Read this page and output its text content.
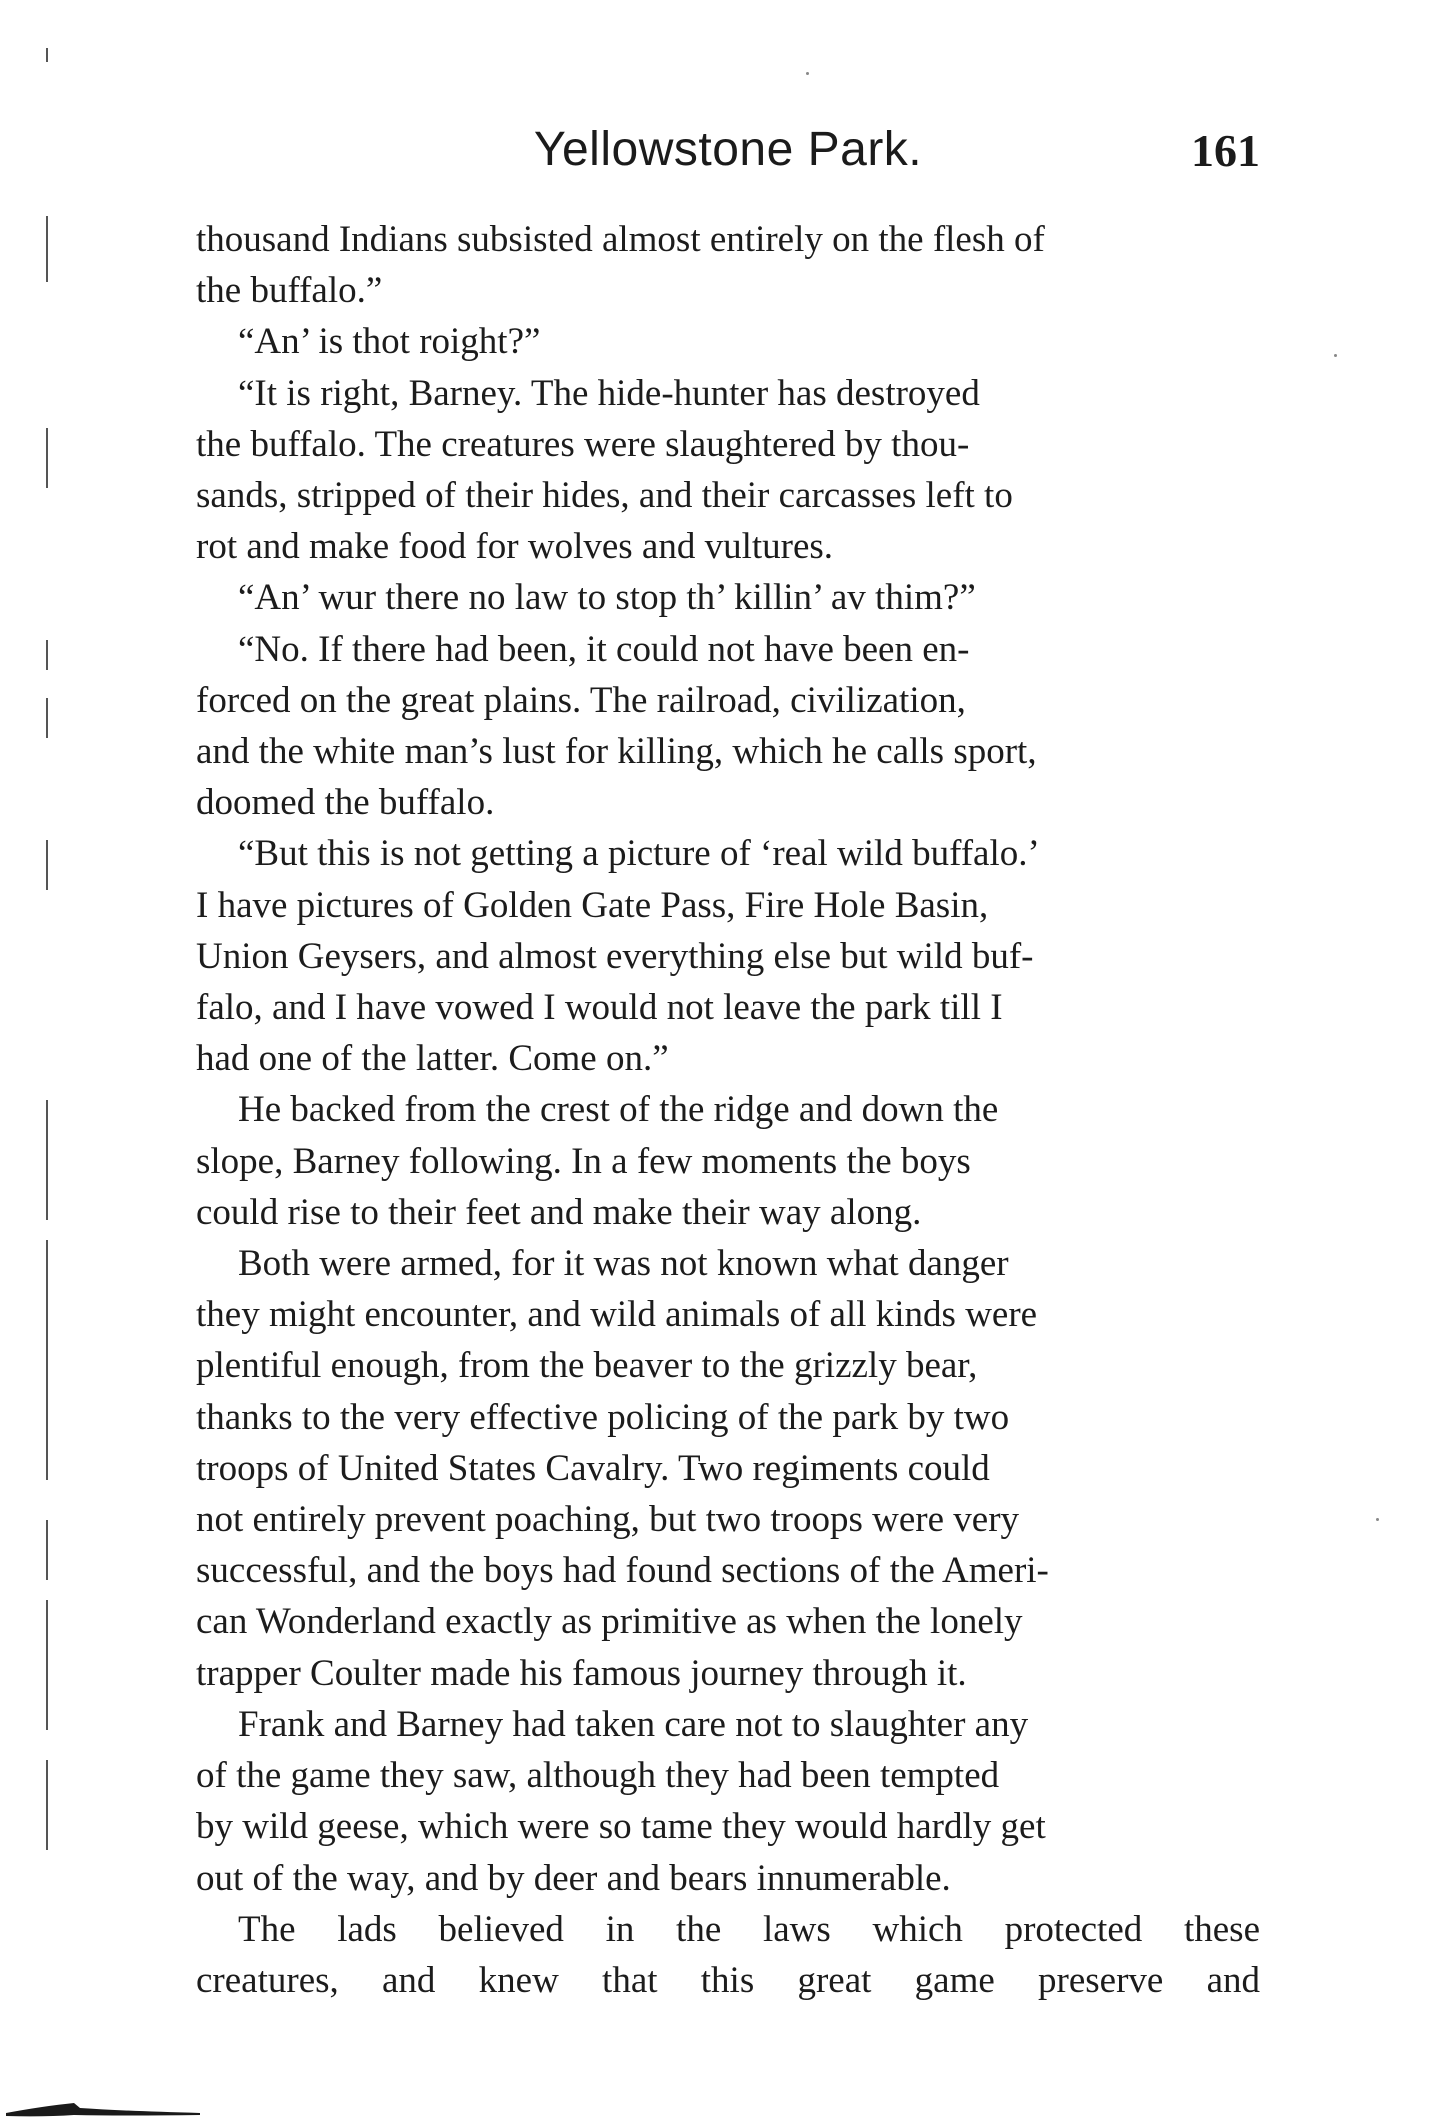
Yellowstone Park.	161

thousand Indians subsisted almost entirely on the flesh of
the buffalo.”

“An’ is thot roight?”

“It is right, Barney. The hide-hunter has destroyed
the buffalo. The creatures were slaughtered by thou-
sands, stripped of their hides, and their carcasses left to
rot and make food for wolves and vultures.

“An’ wur there no law to stop th’ killin’ av thim?”

“No. If there had been, it could not have been en-
forced on the great plains. The railroad, civilization,
and the white man’s lust for killing, which he calls sport,
doomed the buffalo.

“But this is not getting a picture of ‘real wild buffalo.’
I have pictures of Golden Gate Pass, Fire Hole Basin,
Union Geysers, and almost everything else but wild buf-
falo, and I have vowed I would not leave the park till I
had one of the latter. Come on.”

He backed from the crest of the ridge and down the
slope, Barney following. In a few moments the boys
could rise to their feet and make their way along.

Both were armed, for it was not known what danger
they might encounter, and wild animals of all kinds were
plentiful enough, from the beaver to the grizzly bear,
thanks to the very effective policing of the park by two
troops of United States Cavalry. Two regiments could
not entirely prevent poaching, but two troops were very
successful, and the boys had found sections of the Ameri-
can Wonderland exactly as primitive as when the lonely
trapper Coulter made his famous journey through it.

Frank and Barney had taken care not to slaughter any
of the game they saw, although they had been tempted
by wild geese, which were so tame they would hardly get
out of the way, and by deer and bears innumerable.

The lads believed in the laws which protected these
creatures, and knew that this great game preserve and
